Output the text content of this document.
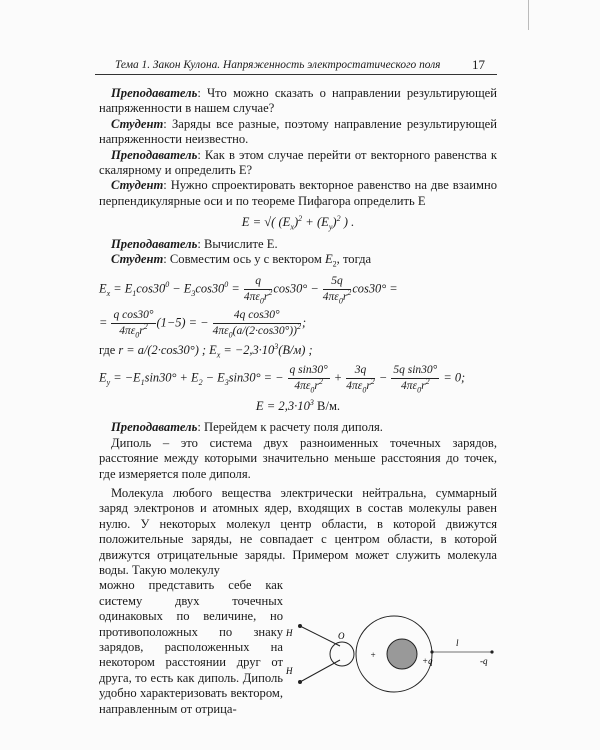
Тема 1. Закон Кулона. Напряженность электростатического поля 17

Преподаватель: Что можно сказать о направлении результирующей напряженности в нашем случае?

Студент: Заряды все разные, поэтому направление результирующей напряженности неизвестно.

Преподаватель: Как в этом случае перейти от векторного равенства к скалярному и определить Е?

Студент: Нужно спроектировать векторное равенство на две взаимно перпендикулярные оси и по теореме Пифагора определить Е

E = √( $(E_x)^2 + (E_y)^2$ ) .

Преподаватель: Вычислите Е.

Студент: Совместим ось y с вектором $E_2$, тогда

$E_x = E_1\cos 30^0 - E_3\cos 30^0 = \frac{q}{4\pi\varepsilon_0r^2} \cos 30^\circ - \frac{5q}{4\pi\varepsilon_0r^2} \cos 30^\circ$ =
= $\frac{\text{q cos30°}}{4\pi\varepsilon_0r^2} (1-5)$ = − $\frac{\text{4q cos30°}}{4\pi\varepsilon_0(a/(2\cdot\cos 30^\circ))^2}$ ;
где r = a/(2·cos30°) ; $E_x = -2,3\cdot 10^3(B/м)$ ;
$E_y = -E_1\sin 30^\circ + E_2 - E_3\sin 30^\circ$ = − $\frac{\text{q sin30°}}{4\pi\varepsilon_0r^2} + \frac{3q}{4\pi\varepsilon_0r^2} - \frac{\text{5q sin30°}}{4\pi\varepsilon_0r^2} = 0$;
$E = 2,3\cdot 10^3$ В/м.

Преподаватель: Перейдем к расчету поля диполя.

Диполь – это система двух разноименных точечных зарядов, расстояние между которыми значительно меньше расстояния до точек, где измеряется поле диполя.

Молекула любого вещества электрически нейтральна, суммарный заряд электронов и атомных ядер, входящих в состав молекулы равен нулю. У некоторых молекул центр области, в которой движутся положительные заряды, не совпадает с центром области, в которой движутся отрицательные заряды. Примером может служить молекула воды. Такую молекулу

можно представить себе как систему двух точечных одинаковых по величине, но противоположных по знаку зарядов, расположенных на некотором расстоянии друг от друга, то есть как диполь. Диполь удобно характеризовать вектором, направленным от отрица-

H
H
O
+
+q	-q
l
